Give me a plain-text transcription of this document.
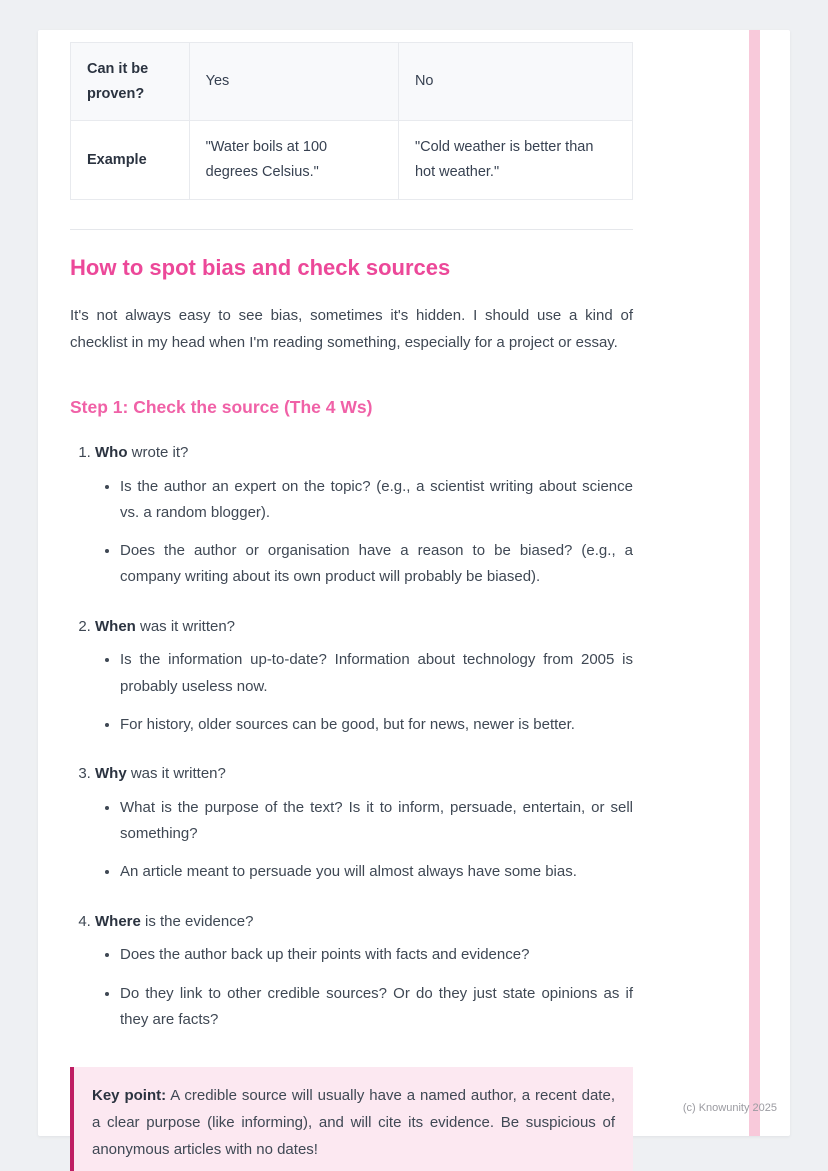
Can it be proven?	Yes	No
Example	"Water boils at 100 degrees Celsius."	"Cold weather is better than hot weather."
How to spot bias and check sources

It's not always easy to see bias, sometimes it's hidden. I should use a kind of checklist in my head when I'm reading something, especially for a project or essay.

Step 1: Check the source (The 4 Ws)
1. Who wrote it?
• Is the author an expert on the topic? (e.g., a scientist writing about science vs. a random blogger).
• Does the author or organisation have a reason to be biased? (e.g., a company writing about its own product will probably be biased).
2. When was it written?
• Is the information up-to-date? Information about technology from 2005 is probably useless now.
• For history, older sources can be good, but for news, newer is better.
3. Why was it written?
• What is the purpose of the text? Is it to inform, persuade, entertain, or sell something?
• An article meant to persuade you will almost always have some bias.
4. Where is the evidence?
• Does the author back up their points with facts and evidence?
• Do they link to other credible sources? Or do they just state opinions as if they are facts?
Key point: A credible source will usually have a named author, a recent date, a clear purpose (like informing), and will cite its evidence. Be suspicious of anonymous articles with no dates!
(c) Knowunity 2025
